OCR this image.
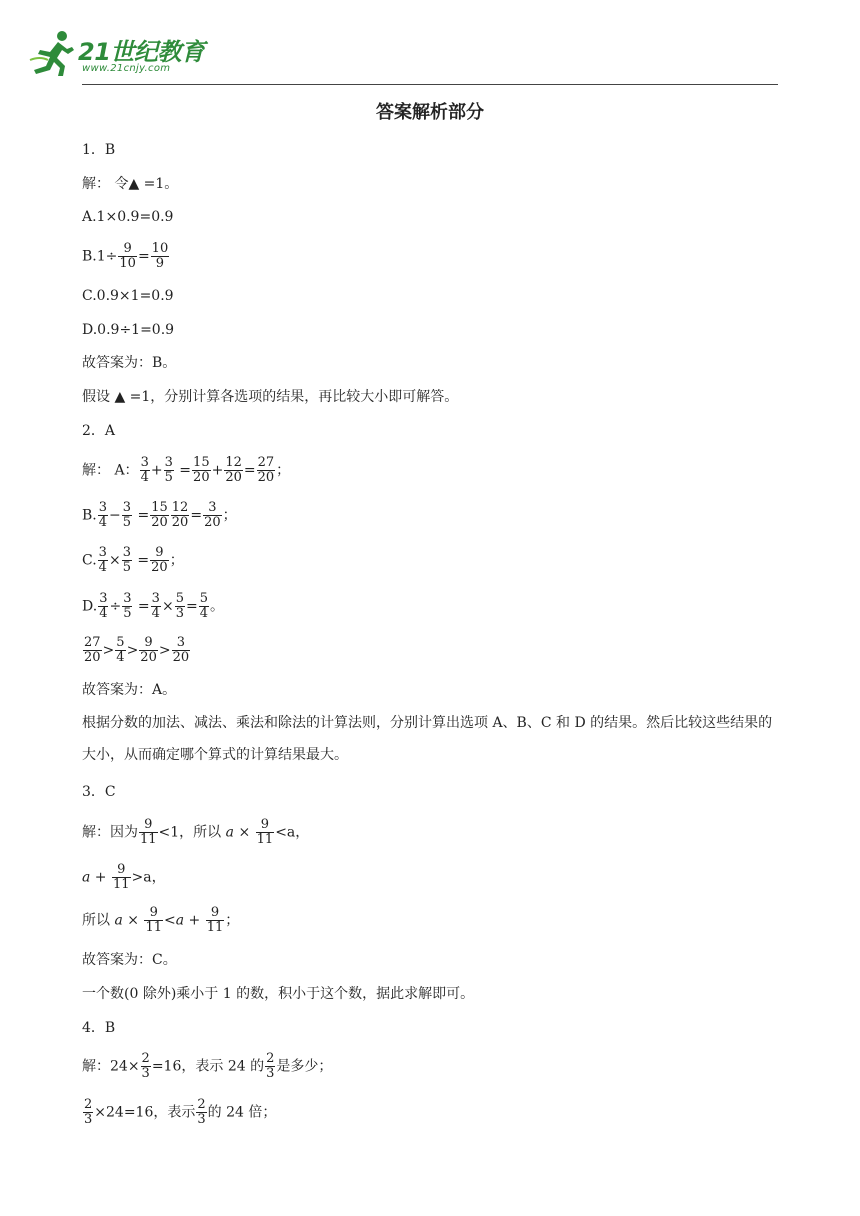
21世纪教育
www.21cnjy.com
答案解析部分
1．B
解： 令▲ =1。
A.1×0.9=0.9
$B.1\div \frac{9}{10} = \frac{10}{9}$
C.0.9×1=0.9
D.0.9÷1=0.9
故答案为：B。
假设 ▲ =1，分别计算各选项的结果，再比较大小即可解答。
2．A
解： A： $\frac{3}{4} + \frac{3}{5} = \frac{15}{20} + \frac{12}{20} = \frac{27}{20}$ ；
B. $\frac{3}{4} - \frac{3}{5} = \frac{15}{20} \frac{12}{20} = \frac{3}{20}$ ；
C. $\frac{3}{4} \times \frac{3}{5} = \frac{9}{20}$ ；
D. $\frac{3}{4} \div \frac{3}{5} = \frac{3}{4} \times \frac{5}{3} = \frac{5}{4}$ 。
$\frac{27}{20} > \frac{5}{4} > \frac{9}{20} > \frac{3}{20}$
故答案为：A。
根据分数的加法、减法、乘法和除法的计算法则，分别计算出选项 A、B、C 和 D 的结果。然后比较这些结果的大小，从而确定哪个算式的计算结果最大。
3．C
解：因为 $\frac{9}{11} <1$，所以 $a \times \frac{9}{11} <a$，
$a + \frac{9}{11} >a$，
所以 $a \times \frac{9}{11} <a + \frac{9}{11}$ ；
故答案为：C。
一个数(0 除外)乘小于 1 的数，积小于这个数，据此求解即可。
4．B
解：$24\times \frac{2}{3} =16$，表示 24 的 $\frac{2}{3}$ 是多少；
$\frac{2}{3} \times 24=16$，表示 $\frac{2}{3}$ 的 24 倍；
